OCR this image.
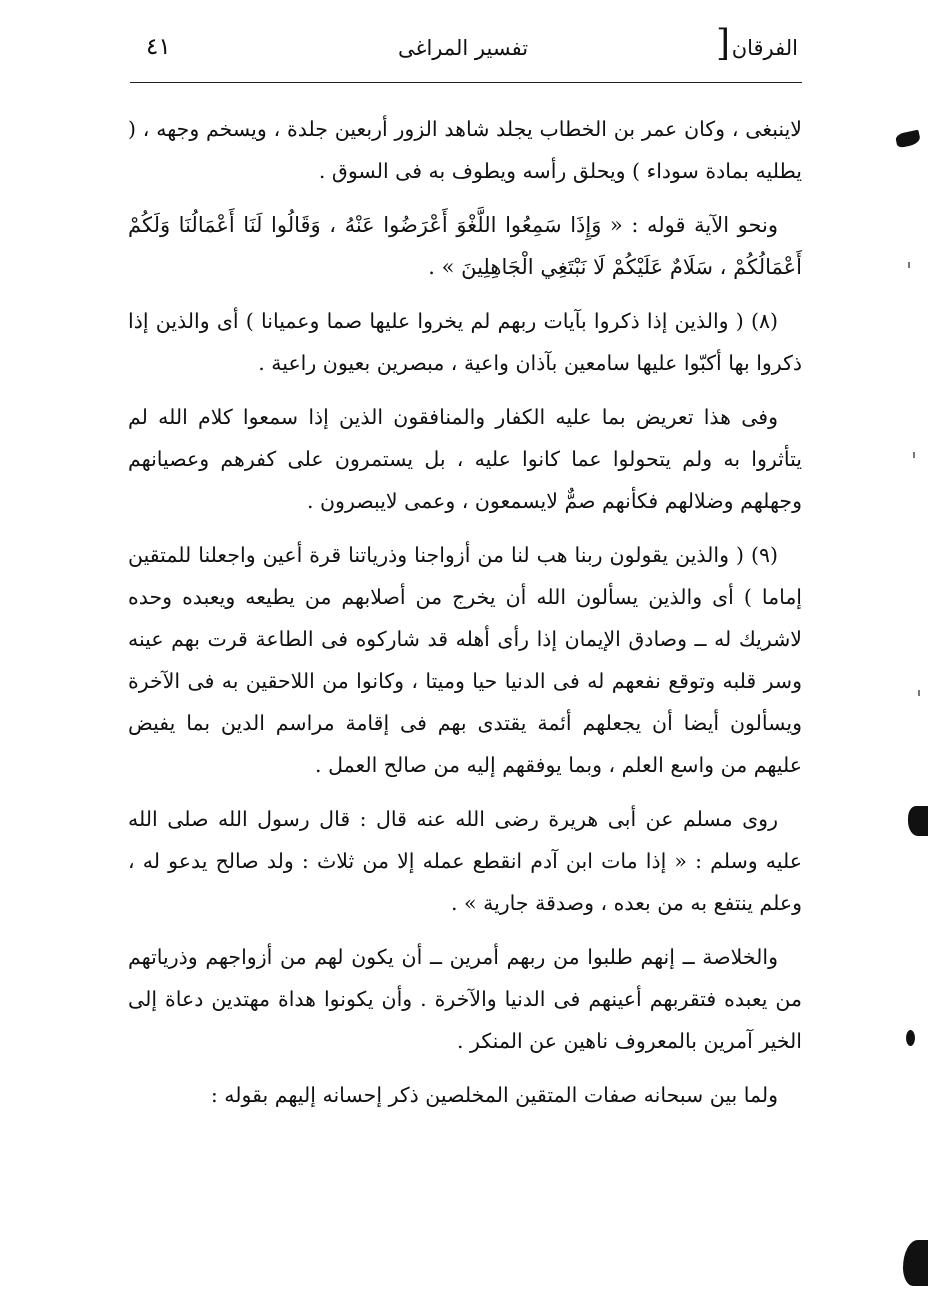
الفرقان
]
تفسير المراغى
٤١

لاينبغى ، وكان عمر بن الخطاب يجلد شاهد الزور أربعين جلدة ، ويسخم وجهه ، ( يطليه بمادة سوداء ) ويحلق رأسه ويطوف به فى السوق .

ونحو الآية قوله : « وَإِذَا سَمِعُوا اللَّغْوَ أَعْرَضُوا عَنْهُ ، وَقَالُوا لَنَا أَعْمَالُنَا وَلَكُمْ أَعْمَالُكُمْ ، سَلَامٌ عَلَيْكُمْ لَا نَبْتَغِي الْجَاهِلِينَ » .

(٨) ( والذين إذا ذكروا بآيات ربهم لم يخروا عليها صما وعميانا ) أى والذين إذا ذكروا بها أكبّوا عليها سامعين بآذان واعية ، مبصرين بعيون راعية .

وفى هذا تعريض بما عليه الكفار والمنافقون الذين إذا سمعوا كلام الله لم يتأثروا به ولم يتحولوا عما كانوا عليه ، بل يستمرون على كفرهم وعصيانهم وجهلهم وضلالهم فكأنهم صمٌّ لايسمعون ، وعمى لايبصرون .

(٩) ( والذين يقولون ربنا هب لنا من أزواجنا وذرياتنا قرة أعين واجعلنا للمتقين إماما ) أى والذين يسألون الله أن يخرج من أصلابهم من يطيعه ويعبده وحده لاشريك له ــ وصادق الإيمان إذا رأى أهله قد شاركوه فى الطاعة قرت بهم عينه وسر قلبه وتوقع نفعهم له فى الدنيا حيا وميتا ، وكانوا من اللاحقين به فى الآخرة ويسألون أيضا أن يجعلهم أئمة يقتدى بهم فى إقامة مراسم الدين بما يفيض عليهم من واسع العلم ، وبما يوفقهم إليه من صالح العمل .

روى مسلم عن أبى هريرة رضى الله عنه قال : قال رسول الله صلى الله عليه وسلم : « إذا مات ابن آدم انقطع عمله إلا من ثلاث : ولد صالح يدعو له ، وعلم ينتفع به من بعده ، وصدقة جارية » .

والخلاصة ــ إنهم طلبوا من ربهم أمرين ــ أن يكون لهم من أزواجهم وذرياتهم من يعبده فتقربهم أعينهم فى الدنيا والآخرة . وأن يكونوا هداة مهتدين دعاة إلى الخير آمرين بالمعروف ناهين عن المنكر .

ولما بين سبحانه صفات المتقين المخلصين ذكر إحسانه إليهم بقوله :
